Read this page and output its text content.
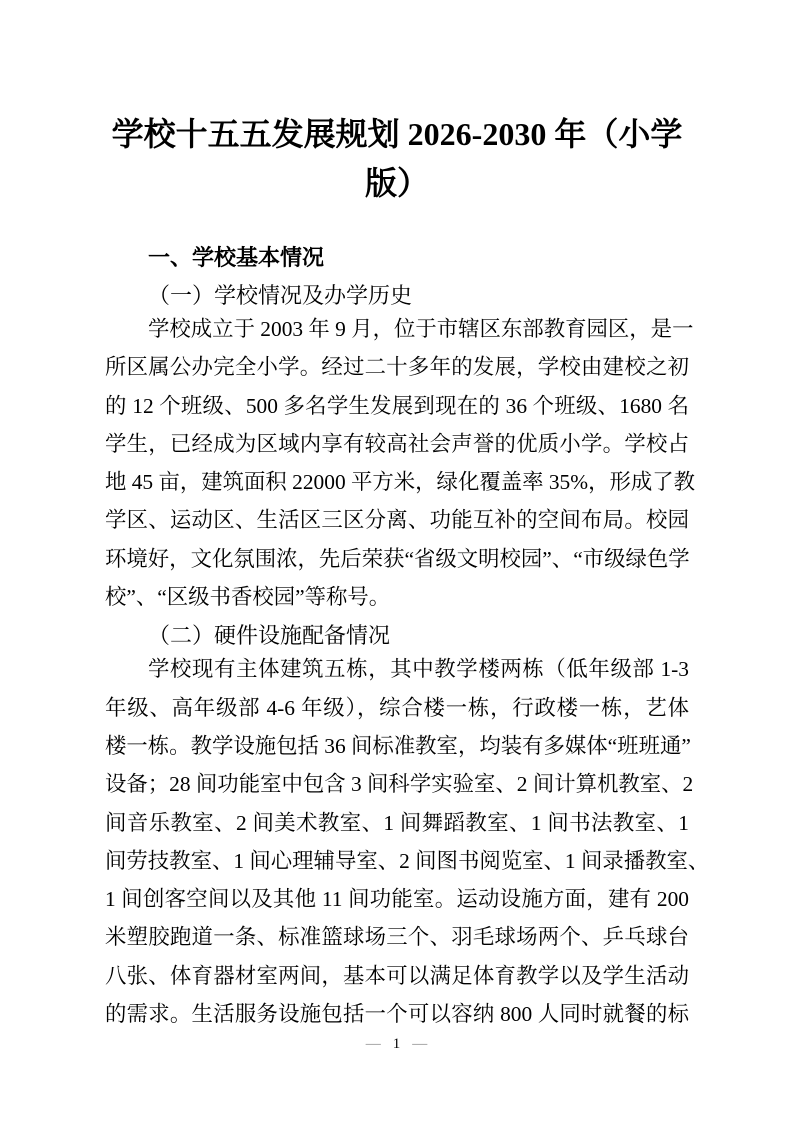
学校十五五发展规划 2026-2030 年（小学
版）
一、学校基本情况
（一）学校情况及办学历史
学校成立于 2003 年 9 月，位于市辖区东部教育园区，是一
所区属公办完全小学。经过二十多年的发展，学校由建校之初
的 12 个班级、500 多名学生发展到现在的 36 个班级、1680 名
学生，已经成为区域内享有较高社会声誉的优质小学。学校占
地 45 亩，建筑面积 22000 平方米，绿化覆盖率 35%，形成了教
学区、运动区、生活区三区分离、功能互补的空间布局。校园
环境好，文化氛围浓，先后荣获“省级文明校园”、“市级绿色学
校”、“区级书香校园”等称号。
（二）硬件设施配备情况
学校现有主体建筑五栋，其中教学楼两栋（低年级部 1-3
年级、高年级部 4-6 年级），综合楼一栋，行政楼一栋，艺体
楼一栋。教学设施包括 36 间标准教室，均装有多媒体“班班通”
设备；28 间功能室中包含 3 间科学实验室、2 间计算机教室、2
间音乐教室、2 间美术教室、1 间舞蹈教室、1 间书法教室、1
间劳技教室、1 间心理辅导室、2 间图书阅览室、1 间录播教室、
1 间创客空间以及其他 11 间功能室。运动设施方面，建有 200
米塑胶跑道一条、标准篮球场三个、羽毛球场两个、乒乓球台
八张、体育器材室两间，基本可以满足体育教学以及学生活动
的需求。生活服务设施包括一个可以容纳 800 人同时就餐的标
— 1 —
